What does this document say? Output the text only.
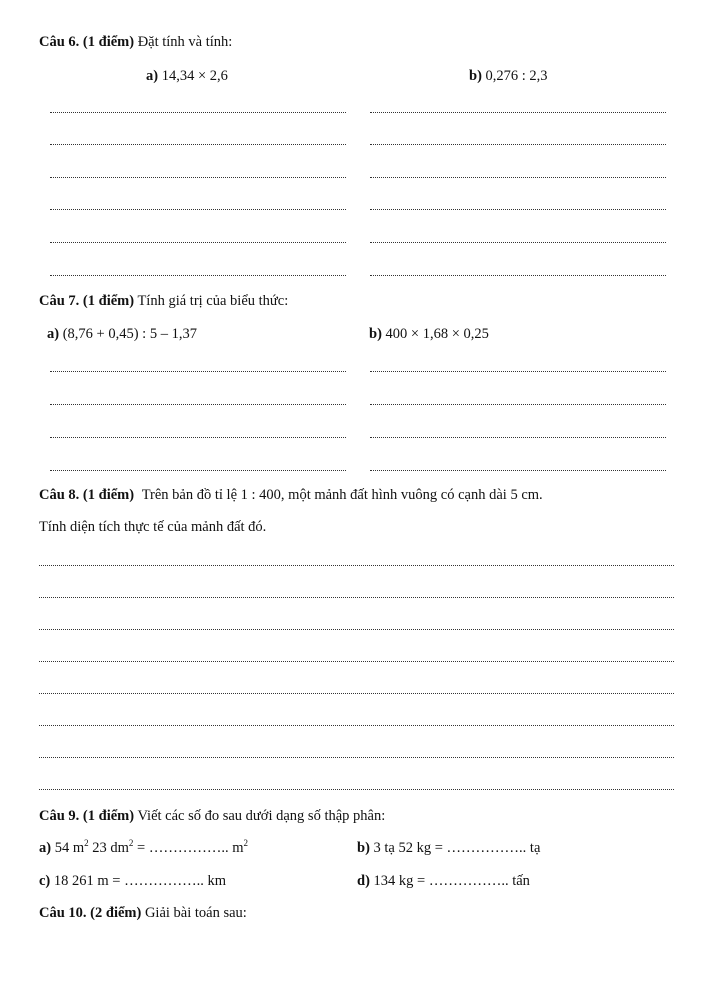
Câu 6. (1 điểm) Đặt tính và tính:
a) 14,34 × 2,6	b) 0,276 : 2,3
Câu 7. (1 điểm) Tính giá trị của biểu thức:
a) (8,76 + 0,45) : 5 – 1,37	b) 400 × 1,68 × 0,25
Câu 8. (1 điểm) Trên bản đồ tỉ lệ 1 : 400, một mảnh đất hình vuông có cạnh dài 5 cm.
Tính diện tích thực tế của mảnh đất đó.
Câu 9. (1 điểm) Viết các số đo sau dưới dạng số thập phân:
a) 54 $m^2$ 23 $dm^2$ = …………….. $m^2$	b) 3 tạ 52 kg = …………….. tạ
c) 18 261 m = …………….. km	d) 134 kg = …………….. tấn
Câu 10. (2 điểm) Giải bài toán sau:
